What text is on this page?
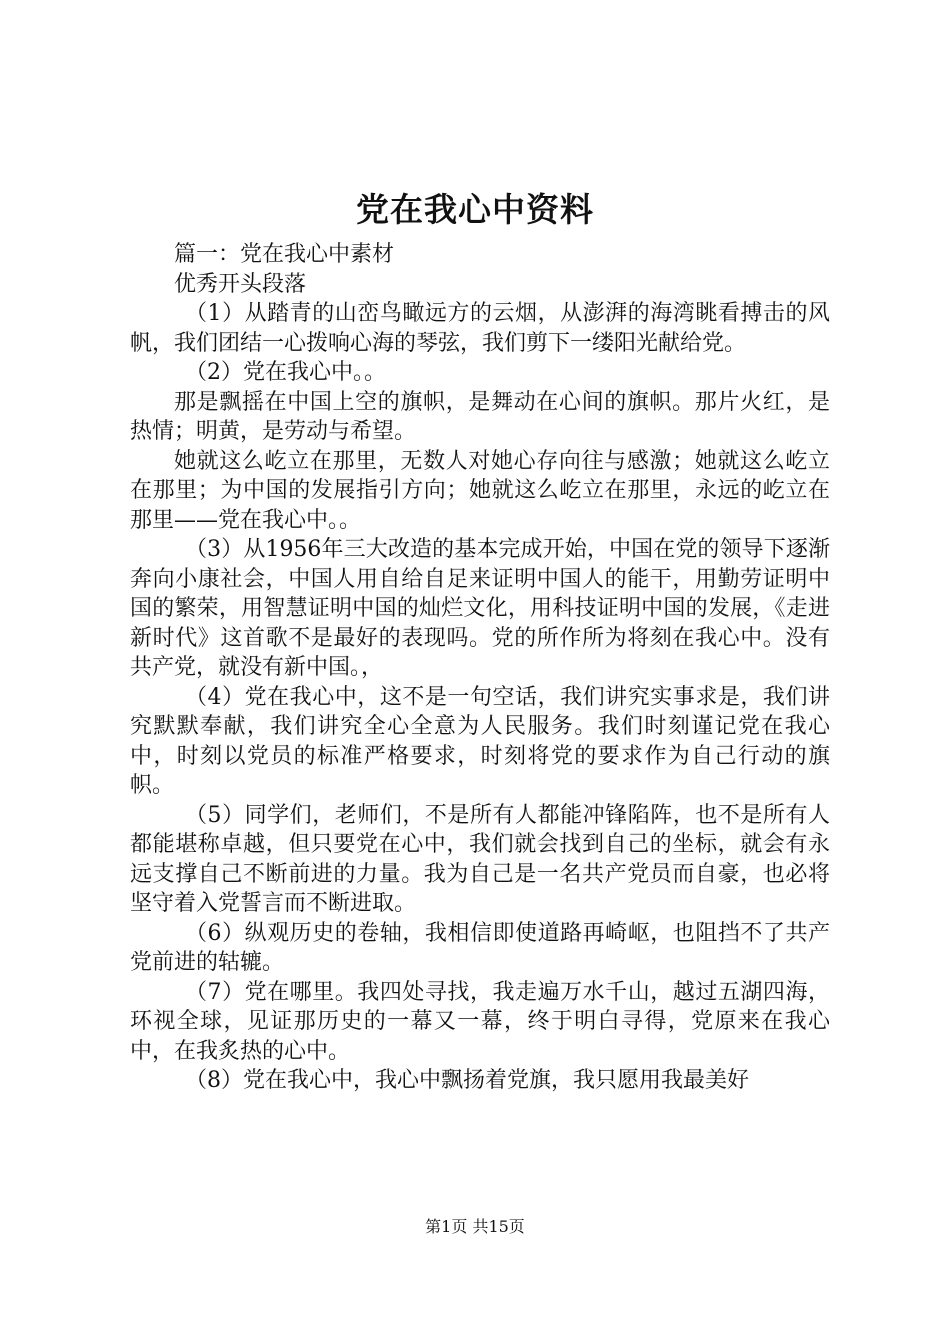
党在我心中资料

篇一：党在我心中素材

优秀开头段落

（1）从踏青的山峦鸟瞰远方的云烟，从澎湃的海湾眺看搏击的风帆，我们团结一心拨响心海的琴弦，我们剪下一缕阳光献给党。

（2）党在我心中。。

那是飘摇在中国上空的旗帜，是舞动在心间的旗帜。那片火红，是热情；明黄，是劳动与希望。

她就这么屹立在那里，无数人对她心存向往与感激；她就这么屹立在那里；为中国的发展指引方向；她就这么屹立在那里，永远的屹立在那里——党在我心中。。

（3）从1956年三大改造的基本完成开始，中国在党的领导下逐渐奔向小康社会，中国人用自给自足来证明中国人的能干，用勤劳证明中国的繁荣，用智慧证明中国的灿烂文化，用科技证明中国的发展，《走进新时代》这首歌不是最好的表现吗。党的所作所为将刻在我心中。没有共产党，就没有新中国。，

（4）党在我心中，这不是一句空话，我们讲究实事求是，我们讲究默默奉献，我们讲究全心全意为人民服务。我们时刻谨记党在我心中，时刻以党员的标准严格要求，时刻将党的要求作为自己行动的旗帜。

（5）同学们，老师们，不是所有人都能冲锋陷阵，也不是所有人都能堪称卓越，但只要党在心中，我们就会找到自己的坐标，就会有永远支撑自己不断前进的力量。我为自己是一名共产党员而自豪，也必将坚守着入党誓言而不断进取。

（6）纵观历史的卷轴，我相信即使道路再崎岖，也阻挡不了共产党前进的轱辘。

（7）党在哪里。我四处寻找，我走遍万水千山，越过五湖四海，环视全球，见证那历史的一幕又一幕，终于明白寻得，党原来在我心中，在我炙热的心中。

（8）党在我心中，我心中飘扬着党旗，我只愿用我最美好

第1页 共15页
